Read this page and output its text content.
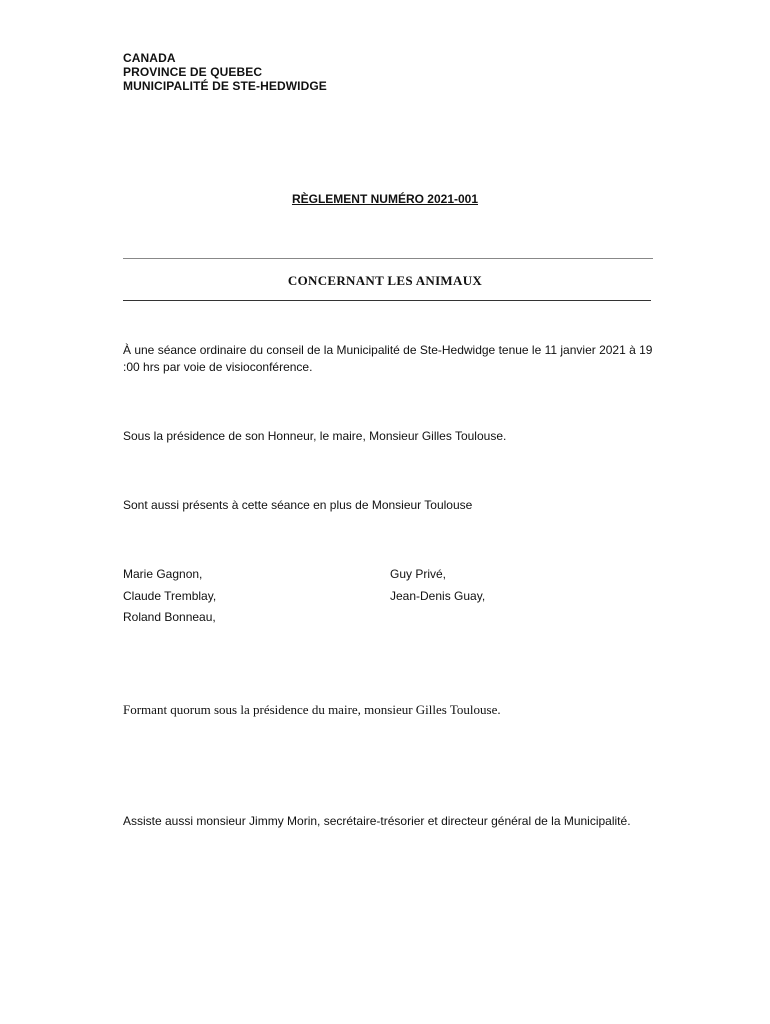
CANADA
PROVINCE DE QUEBEC
MUNICIPALITÉ DE STE-HEDWIDGE
RÈGLEMENT NUMÉRO 2021-001
CONCERNANT LES ANIMAUX
À une séance ordinaire du conseil de la Municipalité de Ste-Hedwidge tenue le 11 janvier 2021 à 19 :00 hrs par voie de visioconférence.
Sous la présidence de son Honneur, le maire, Monsieur Gilles Toulouse.
Sont aussi présents à cette séance en plus de Monsieur Toulouse
Marie Gagnon,
Claude Tremblay,
Roland Bonneau,
Guy Privé,
Jean-Denis Guay,
Formant quorum sous la présidence du maire, monsieur Gilles Toulouse.
Assiste aussi monsieur Jimmy Morin, secrétaire-trésorier et directeur général de la Municipalité.
